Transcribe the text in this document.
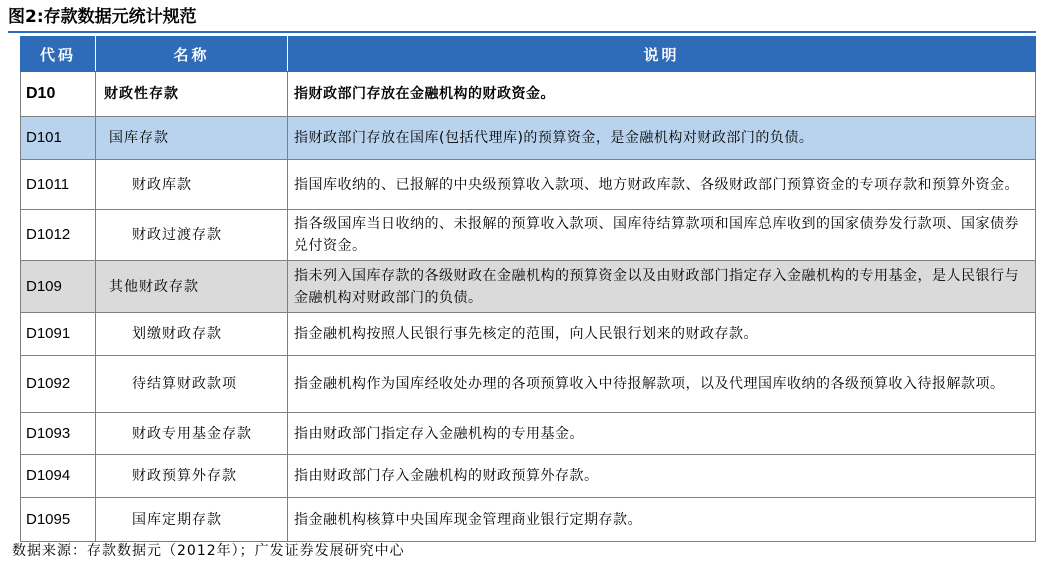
图2:存款数据元统计规范
代码	名称	说明
D10	财政性存款	指财政部门存放在金融机构的财政资金。
D101	国库存款	指财政部门存放在国库(包括代理库)的预算资金，是金融机构对财政部门的负债。
D1011	财政库款	指国库收纳的、已报解的中央级预算收入款项、地方财政库款、各级财政部门预算资金的专项存款和预算外资金。
D1012	财政过渡存款	指各级国库当日收纳的、未报解的预算收入款项、国库待结算款项和国库总库收到的国家债券发行款项、国家债券兑付资金。
D109	其他财政存款	指未列入国库存款的各级财政在金融机构的预算资金以及由财政部门指定存入金融机构的专用基金，是人民银行与金融机构对财政部门的负债。
D1091	划缴财政存款	指金融机构按照人民银行事先核定的范围，向人民银行划来的财政存款。
D1092	待结算财政款项	指金融机构作为国库经收处办理的各项预算收入中待报解款项，以及代理国库收纳的各级预算收入待报解款项。
D1093	财政专用基金存款	指由财政部门指定存入金融机构的专用基金。
D1094	财政预算外存款	指由财政部门存入金融机构的财政预算外存款。
D1095	国库定期存款	指金融机构核算中央国库现金管理商业银行定期存款。
数据来源：存款数据元（2012年）；广发证券发展研究中心
